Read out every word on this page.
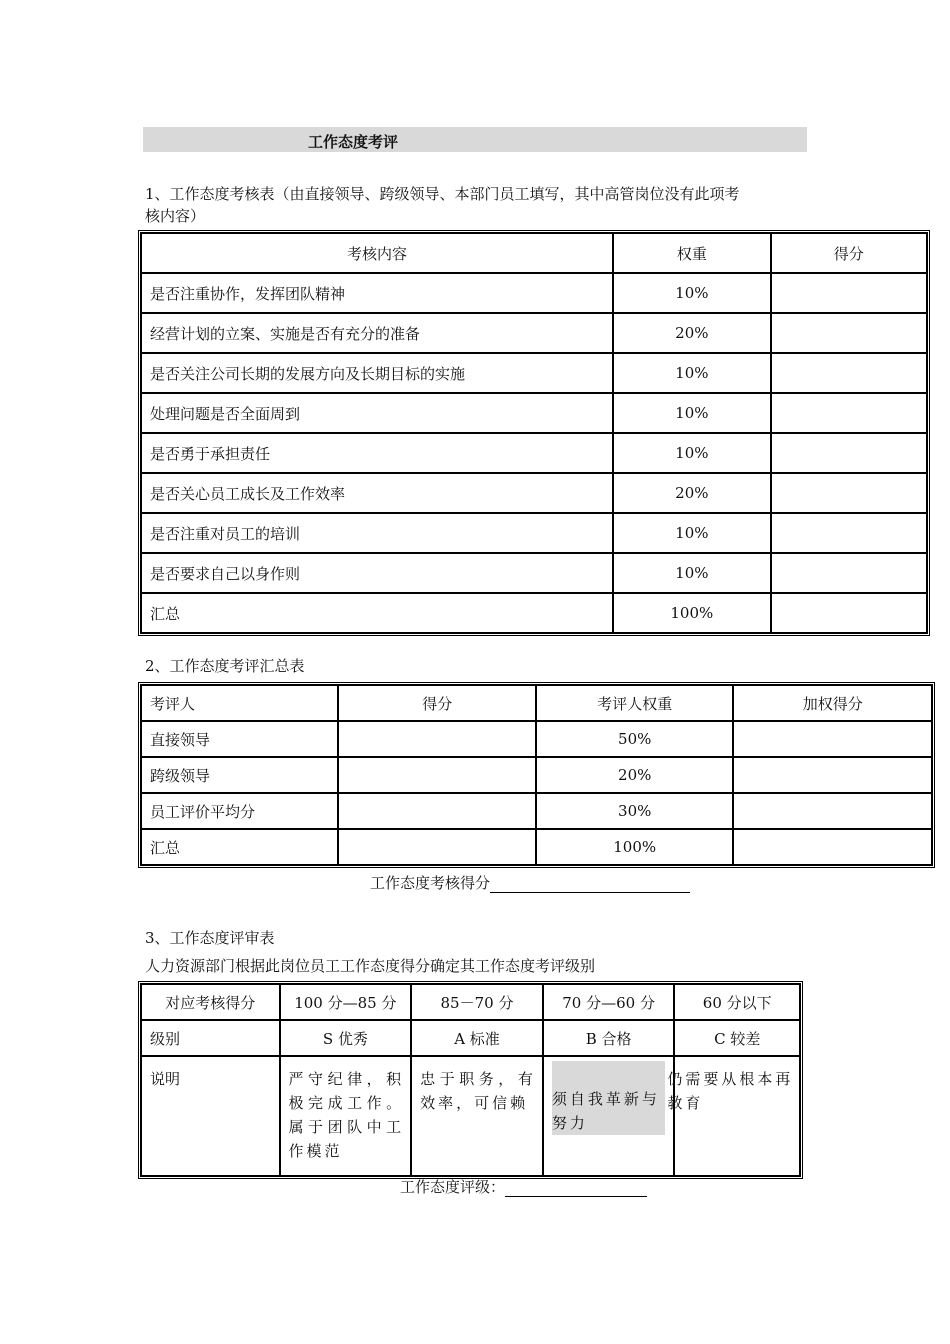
工作态度考评
1、工作态度考核表（由直接领导、跨级领导、本部门员工填写，其中高管岗位没有此项考
核内容）
考核内容	权重	得分
是否注重协作，发挥团队精神	10%	
经营计划的立案、实施是否有充分的准备	20%	
是否关注公司长期的发展方向及长期目标的实施	10%	
处理问题是否全面周到	10%	
是否勇于承担责任	10%	
是否关心员工成长及工作效率	20%	
是否注重对员工的培训	10%	
是否要求自己以身作则	10%	
汇总	100%	
2、工作态度考评汇总表
考评人	得分	考评人权重	加权得分
直接领导		50%	
跨级领导		20%	
员工评价平均分		30%	
汇总		100%	
工作态度考核得分
3、工作态度评审表
人力资源部门根据此岗位员工工作态度得分确定其工作态度考评级别
对应考核得分	100 分—85 分	85－70 分	70 分—60 分	60 分以下
级别	S 优秀	A 标准	B 合格	C 较差
说明	严守纪律，积极完成工作。属于团队中工作模范	忠于职务，有效率，可信赖	须自我革新与努力	仍需要从根本再教育
工作态度评级：
